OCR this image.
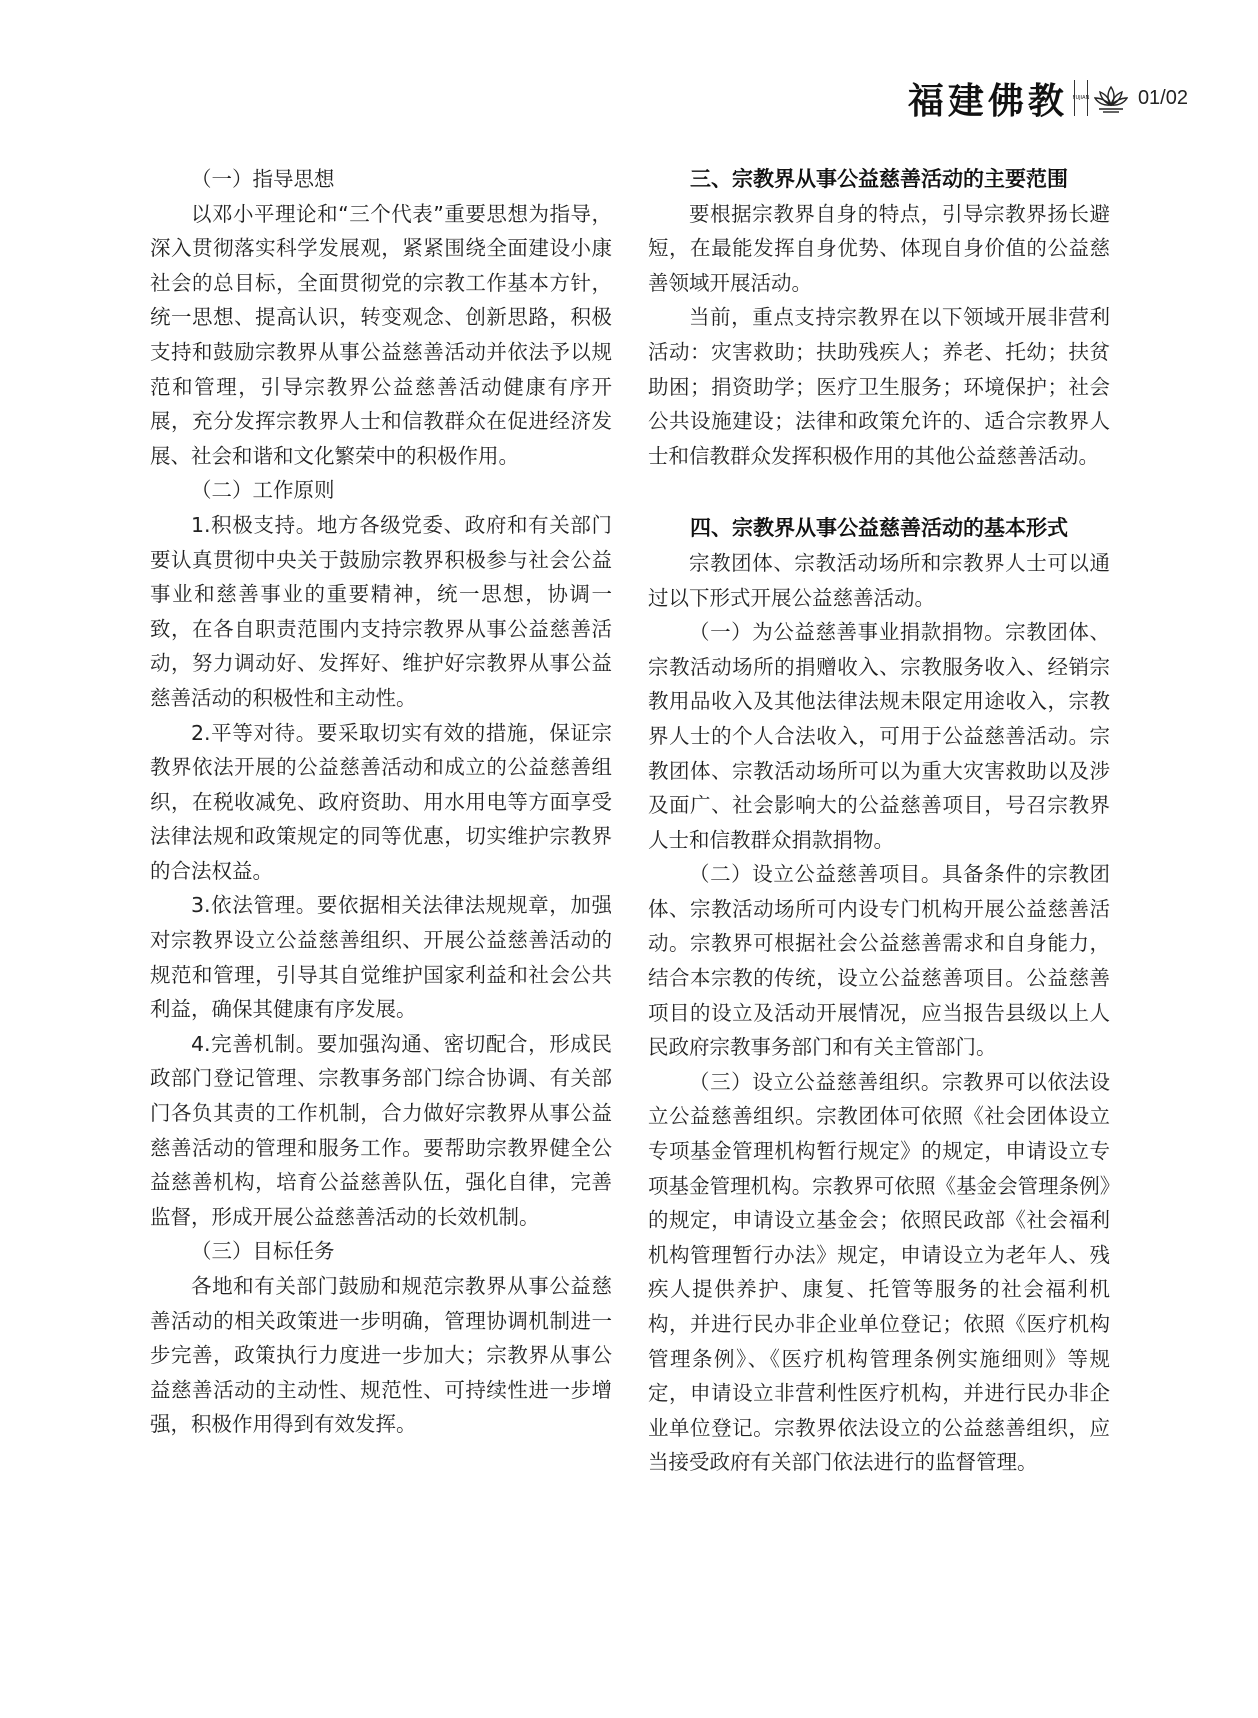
福建佛教 FUJIAN 01/02

（一）指导思想

以邓小平理论和“三个代表”重要思想为指导，深入贯彻落实科学发展观，紧紧围绕全面建设小康社会的总目标，全面贯彻党的宗教工作基本方针，统一思想、提高认识，转变观念、创新思路，积极支持和鼓励宗教界从事公益慈善活动并依法予以规范和管理，引导宗教界公益慈善活动健康有序开展，充分发挥宗教界人士和信教群众在促进经济发展、社会和谐和文化繁荣中的积极作用。

（二）工作原则

1.积极支持。地方各级党委、政府和有关部门要认真贯彻中央关于鼓励宗教界积极参与社会公益事业和慈善事业的重要精神，统一思想，协调一致，在各自职责范围内支持宗教界从事公益慈善活动，努力调动好、发挥好、维护好宗教界从事公益慈善活动的积极性和主动性。

2.平等对待。要采取切实有效的措施，保证宗教界依法开展的公益慈善活动和成立的公益慈善组织，在税收减免、政府资助、用水用电等方面享受法律法规和政策规定的同等优惠，切实维护宗教界的合法权益。

3.依法管理。要依据相关法律法规规章，加强对宗教界设立公益慈善组织、开展公益慈善活动的规范和管理，引导其自觉维护国家利益和社会公共利益，确保其健康有序发展。

4.完善机制。要加强沟通、密切配合，形成民政部门登记管理、宗教事务部门综合协调、有关部门各负其责的工作机制，合力做好宗教界从事公益慈善活动的管理和服务工作。要帮助宗教界健全公益慈善机构，培育公益慈善队伍，强化自律，完善监督，形成开展公益慈善活动的长效机制。

（三）目标任务

各地和有关部门鼓励和规范宗教界从事公益慈善活动的相关政策进一步明确，管理协调机制进一步完善，政策执行力度进一步加大；宗教界从事公益慈善活动的主动性、规范性、可持续性进一步增强，积极作用得到有效发挥。

三、宗教界从事公益慈善活动的主要范围

要根据宗教界自身的特点，引导宗教界扬长避短，在最能发挥自身优势、体现自身价值的公益慈善领域开展活动。

当前，重点支持宗教界在以下领域开展非营利活动：灾害救助；扶助残疾人；养老、托幼；扶贫助困；捐资助学；医疗卫生服务；环境保护；社会公共设施建设；法律和政策允许的、适合宗教界人士和信教群众发挥积极作用的其他公益慈善活动。

四、宗教界从事公益慈善活动的基本形式

宗教团体、宗教活动场所和宗教界人士可以通过以下形式开展公益慈善活动。

（一）为公益慈善事业捐款捐物。宗教团体、宗教活动场所的捐赠收入、宗教服务收入、经销宗教用品收入及其他法律法规未限定用途收入，宗教界人士的个人合法收入，可用于公益慈善活动。宗教团体、宗教活动场所可以为重大灾害救助以及涉及面广、社会影响大的公益慈善项目，号召宗教界人士和信教群众捐款捐物。

（二）设立公益慈善项目。具备条件的宗教团体、宗教活动场所可内设专门机构开展公益慈善活动。宗教界可根据社会公益慈善需求和自身能力，结合本宗教的传统，设立公益慈善项目。公益慈善项目的设立及活动开展情况，应当报告县级以上人民政府宗教事务部门和有关主管部门。

（三）设立公益慈善组织。宗教界可以依法设立公益慈善组织。宗教团体可依照《社会团体设立专项基金管理机构暂行规定》的规定，申请设立专项基金管理机构。宗教界可依照《基金会管理条例》的规定，申请设立基金会；依照民政部《社会福利机构管理暂行办法》规定，申请设立为老年人、残疾人提供养护、康复、托管等服务的社会福利机构，并进行民办非企业单位登记；依照《医疗机构管理条例》、《医疗机构管理条例实施细则》等规定，申请设立非营利性医疗机构，并进行民办非企业单位登记。宗教界依法设立的公益慈善组织，应当接受政府有关部门依法进行的监督管理。
